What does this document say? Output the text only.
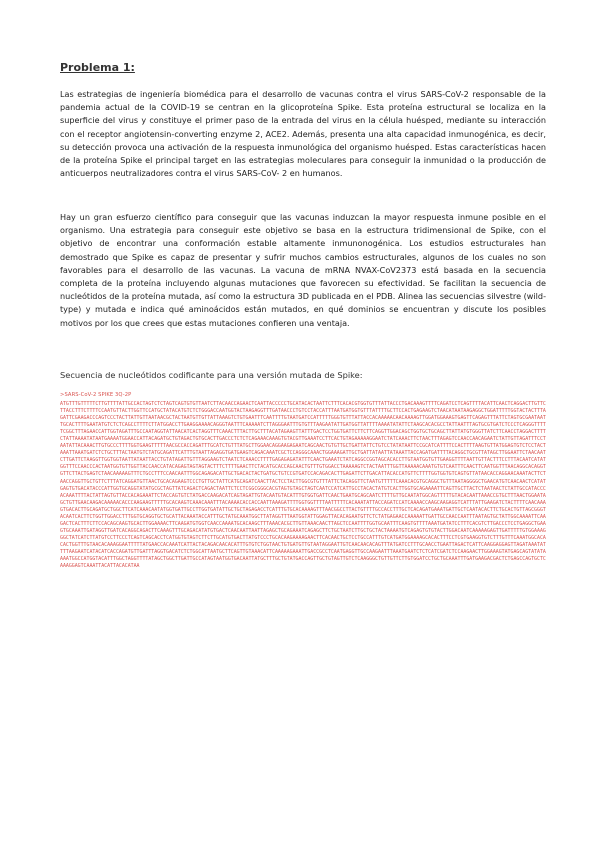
Problema 1:

Las estrategias de ingeniería biomédica para el desarrollo de vacunas contra el virus SARS-CoV-2 responsable de la pandemia actual de la COVID-19 se centran en la glicoproteína Spike. Esta proteína estructural se localiza en la superficie del virus y constituye el primer paso de la entrada del virus en la célula huésped, mediante su interacción con el receptor angiotensin-converting enzyme 2, ACE2. Además, presenta una alta capacidad inmunogénica, es decir, su detección provoca una activación de la respuesta inmunológica del organismo huésped. Estas características hacen de la proteína Spike el principal target en las estrategias moleculares para conseguir la inmunidad o la producción de anticuerpos neutralizadores contra el virus SARS-CoV- 2 en humanos.

Hay un gran esfuerzo científico para conseguir que las vacunas induzcan la mayor respuesta inmune posible en el organismo. Una estrategia para conseguir este objetivo se basa en la estructura tridimensional de Spike, con el objetivo de encontrar una conformación estable altamente inmunonogénica. Los estudios estructurales han demostrado que Spike es capaz de presentar y sufrir muchos cambios estructurales, algunos de los cuales no son favorables para el desarrollo de las vacunas. La vacuna de mRNA NVAX-CoV2373 está basada en la secuencia completa de la proteína incluyendo algunas mutaciones que favorecen su efectividad. Se facilitan la secuencia de nucleótidos de la proteína mutada, así como la estructura 3D publicada en el PDB. Alinea las secuencias silvestre (wild-type) y mutada e indica qué aminoácidos están mutados, en qué dominios se encuentran y discute los posibles motivos por los que crees que estas mutaciones confieren una ventaja.

Secuencia de nucleótidos codificante para una versión mutada de Spike:

>SARS-CoV-2 SPIKE 3Q-2P

ATGTTTGTTTTTCTTGTTTTATTGCCACTAGTCTCTAGTCAGTGTGTTAATCTTACAACCAGAACTCAATTACCCCCTGCATACACTAATTCTTTCACACGTGGTGTTTATTACCCTGACAAAGTTTTCAGATCCTCAGTTTTACATTCAACTCAGGACTTGTTCTTACCTTTCTTTTCCAATGTTACTTGGTTCCATGCTATACATGTCTCTGGGACCAATGGTACTAAGAGGTTTGATAACCCTGTCCTACCATTTAATGATGGTGTTTATTTTGCTTCCACTGAGAAGTCTAACATAATAAGAGGCTGGATTTTTGGTACTACTTTAGATTCGAAGACCCAGTCCCTACTTATTGTTAATAACGCTACTAATGTTGTTATTAAAGTCTGTGAATTTCAATTTTGTAATGATCCATTTTTGGGTGTTTATTACCACAAAAACAACAAAAGTTGGATGGAAAGTGAGTTCAGAGTTTATTCTAGTGCGAATAATTGCACTTTTGAATATGTCTCTCAGCCTTTTCTTATGGACCTTGAAGGAAAACAGGGTAATTTCAAAAATCTTAGGGAATTTGTGTTTAAGAATATTGATGGTTATTTTAAAATATATTCTAAGCACACGCCTATTAATTTAGTGCGTGATCTCCCTCAGGGTTTTTCGGCTTTAGAACCATTGGTAGATTTGCCAATAGGTATTAACATCACTAGGTTTCAAACTTTACTTGCTTTACATAGAAGTTATTTGACTCCTGGTGATTCTTCTTCAGGTTGGACAGCTGGTGCTGCAGCTTATTATGTGGGTTATCTTCAACCTAGGACTTTTCTATTAAAATATAATGAAAATGGAACCATTACAGATGCTGTAGACTGTGCACTTGACCCTCTCTCAGAAACAAAGTGTACGTTGAAATCCTTCACTGTAGAAAAAGGAATCTATCAAACTTCTAACTTTAGAGTCCAACCAACAGAATCTATTGTTAGATTTCCTAATATTACAAACTTGTGCCCTTTTGGTGAAGTTTTTAACGCCACCAGATTTGCATCTGTTTATGCTTGGAACAGGAAGAGAATCAGCAACTGTGTTGCTGATTATTCTGTCCTATATAATTCCGCATCATTTTCCACTTTTAAGTGTTATGGAGTGTCTCCTACTAAATTAAATGATCTCTGCTTTACTAATGTCTATGCAGATTCATTTGTAATTAGAGGTGATGAAGTCAGACAAATCGCTCCAGGGCAAACTGGAAAGATTGCTGATTATAATTATAAATTACCAGATGATTTTACAGGCTGCGTTATAGCTTGGAATTCTAACAATCTTGATTCTAAGGTTGGTGGTAATTATAATTACCTGTATAGATTGTTTAGGAAGTCTAATCTCAAACCTTTTGAGAGAGATATTTCAACTGAAATCTATCAGGCCGGTAGCACACCTTGTAATGGTGTTGAAGGTTTTAATTGTTACTTTCCTTTACAATCATATGGTTTCCAACCCACTAATGGTGTTGGTTACCAACCATACAGAGTAGTAGTACTTTCTTTTGAACTTCTACATGCACCAGCAACTGTTTGTGGACCTAAAAAGTCTACTAATTTGGTTAAAAACAAATGTGTCAATTTCAACTTCAATGGTTTAACAGGCACAGGTGTTCTTACTGAGTCTAACAAAAAGTTTCTGCCTTTCCAACAATTTGGCAGAGACATTGCTGACACTACTGATGCTGTCCGTGATCCACAGACACTTGAGATTCTTGACATTACACCATGTTCTTTTGGTGGTGTCAGTGTTATAACACCAGGAACAAATACTTCTAACCAGGTTGCTGTTCTTTATCAGGATGTTAACTGCACAGAAGTCCCTGTTGCTATTCATGCAGATCAACTTACTCCTACTTGGCGTGTTTATTCTACAGGTTCTAATGTTTTTCAAACACGTGCAGGCTGTTTAATAGGGGCTGAACATGTCAACAACTCATATGAGTGTGACATACCCATTGGTGCAGGTATATGCGCTAGTTATCAGACTCAGACTAATTCTCCTCGGCGGGCACGTAGTGTAGCTAGTCAATCCATCATTGCCTACACTATGTCACTTGGTGCAGAAAATTCAGTTGCTTACTCTAATAACTCTATTGCCATACCCACAAATTTTACTATTAGTGTTACCACAGAAATTCTACCAGTGTCTATGACCAAGACATCAGTAGATTGTACAATGTACATTTGTGGTGATTCAACTGAATGCAGCAATCTTTTGTTGCAATATGGCAGTTTTTGTACACAATTAAACCGTGCTTTAACTGGAATAGCTGTTGAACAAGACAAAAACACCCAAGAAGTTTTTGCACAAGTCAAACAAATTTACAAAACACCACCAATTAAAGATTTTGGTGGTTTTAATTTTTCACAAATATTACCAGATCCATCAAAACCAAGCAAGAGGTCATTTATTGAAGATCTACTTTTCAACAAAGTGACACTTGCAGATGCTGGCTTCATCAAACAATATGGTGATTGCCTTGGTGATATTGCTGCTAGAGACCTCATTTGTGCACAAAAGTTTAACGGCCTTACTGTTTTGCCACCTTTGCTCACAGATGAAATGATTGCTCAATACACTTCTGCACTGTTAGCGGGTACAATCACTTCTGGTTGGACCTTTGGTGCAGGTGCTGCATTACAAATACCATTTGCTATGCAAATGGCTTATAGGTTTAATGGTATTGGAGTTACACAGAATGTTCTCTATGAGAACCAAAAATTGATTGCCAACCAATTTAATAGTGCTATTGGCAAAATTCAAGACTCACTTTCTTCCACAGCAAGTGCACTTGGAAAACTTCAAGATGTGGTCAACCAAAATGCACAAGCTTTAAACACGCTTGTTAAACAACTTAGCTCCAATTTTGGTGCAATTTCAAGTGTTTTAAATGATATCCTTTCACGTCTTGACCCTCCTGAGGCTGAAGTGCAAATTGATAGGTTGATCACAGGCAGACTTCAAAGTTTGCAGACATATGTGACTCAACAATTAATTAGAGCTGCAGAAATCAGAGCTTCTGCTAATCTTGCTGCTACTAAAATGTCAGAGTGTGTACTTGGACAATCAAAAAGAGTTGATTTTTGTGGAAAGGGCTATCATCTTATGTCCTTCCCTCAGTCAGCACCTCATGGTGTAGTCTTCTTGCATGTGACTTATGTCCCTGCACAAGAAAAGAACTTCACAACTGCTCCTGCCATTTGTCATGATGGAAAAGCACACTTTCCTCGTGAAGGTGTCTTTGTTTCAAATGGCACACACTGGTTTGTAACACAAAGGAATTTTTATGAACCACAAATCATTACTACAGACAACACATTTGTGTCTGGTAACTGTGATGTTGTAATAGGAATTGTCAACAACACAGTTTATGATCCTTTGCAACCTGAATTAGACTCATTCAAGGAGGAGTTAGATAAATATTTTAAGAATCATACATCACCAGATGTTGATTTAGGTGACATCTCTGGCATTAATGCTTCAGTTGTAAACATTCAAAAAGAAATTGACCGCCTCAATGAGGTTGCCAAGAATTTAAATGAATCTCTCATCGATCTCCAAGAACTTGGAAAGTATGAGCAGTATATAAAATGGCCATGGTACATTTGGCTAGGTTTTATAGCTGGCTTGATTGCCATAGTAATGGTGACAATTATGCTTTGCTGTATGACCAGTTGCTGTAGTTGTCTCAAGGGCTGTTGTTCTTGTGGATCCTGCTGCAAATTTGATGAAGACGACTCTGAGCCAGTGCTCAAAGGAGTCAAATTACATTACACATAA
